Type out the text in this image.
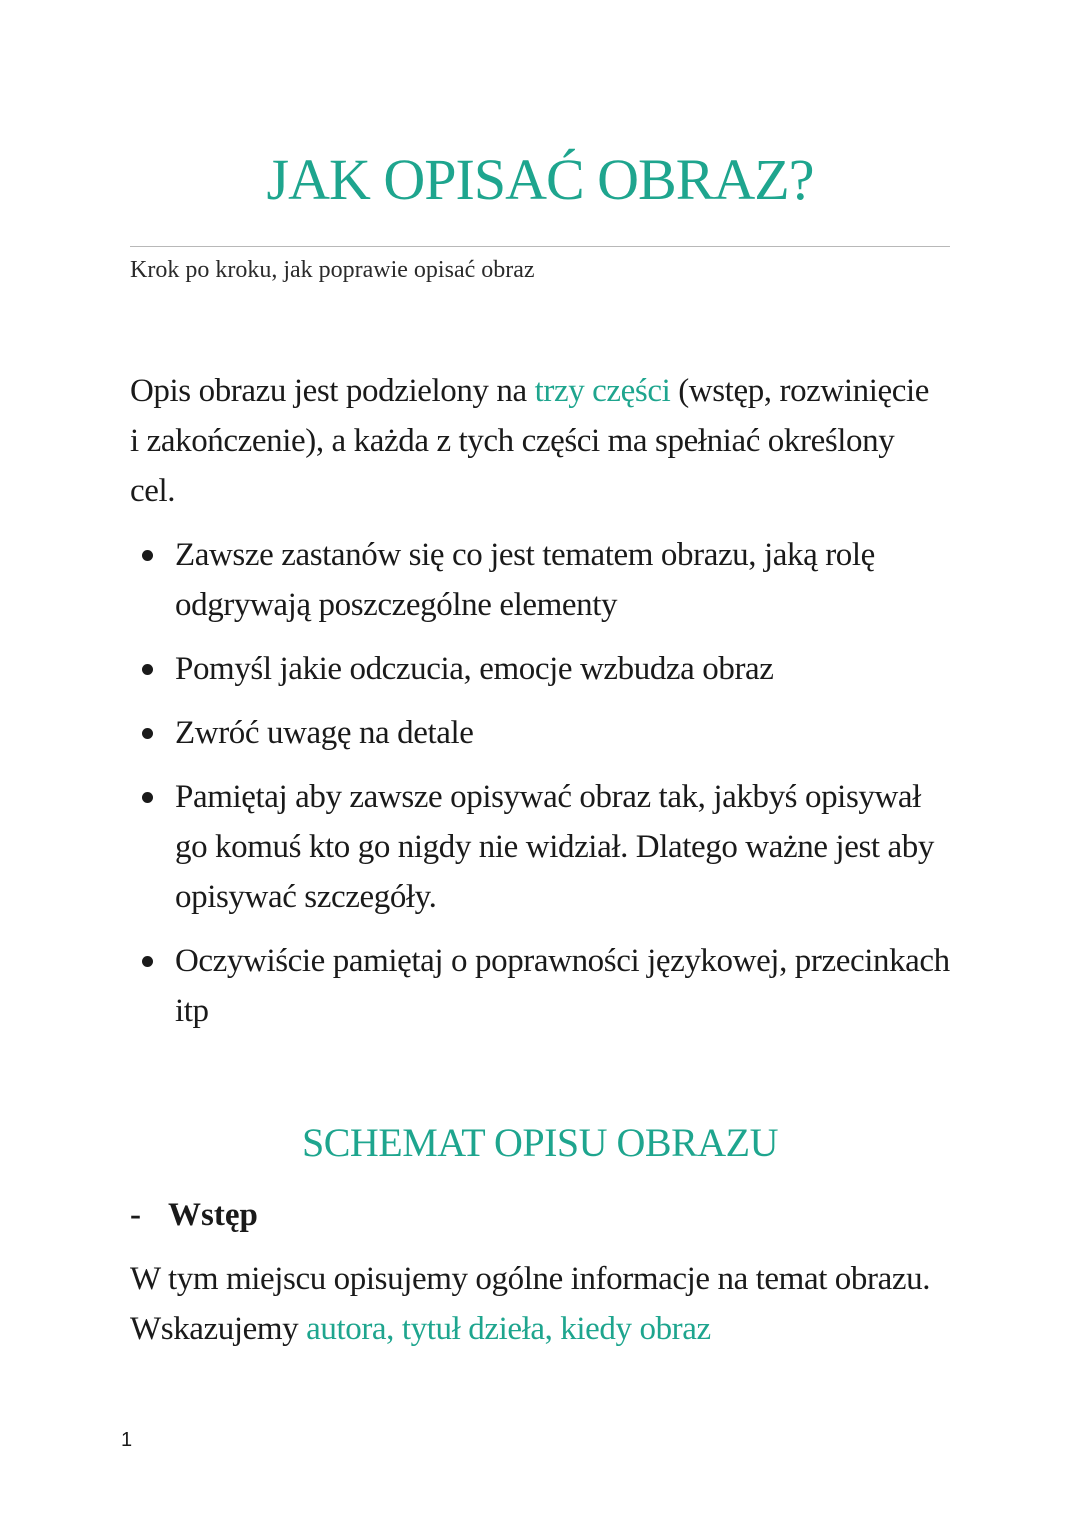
JAK OPISAĆ OBRAZ?

Krok po kroku, jak poprawie opisać obraz

Opis obrazu jest podzielony na trzy części (wstęp, rozwinięcie i zakończenie), a każda z tych części ma spełniać określony cel.

Zawsze zastanów się co jest tematem obrazu, jaką rolę odgrywają poszczególne elementy
Pomyśl jakie odczucia, emocje wzbudza obraz
Zwróć uwagę na detale
Pamiętaj aby zawsze opisywać obraz tak, jakbyś opisywał go komuś kto go nigdy nie widział. Dlatego ważne jest aby opisywać szczegóły.
Oczywiście pamiętaj o poprawności językowej, przecinkach itp
SCHEMAT OPISU OBRAZU

- Wstęp

W tym miejscu opisujemy ogólne informacje na temat obrazu. Wskazujemy autora, tytuł dzieła, kiedy obraz

1
